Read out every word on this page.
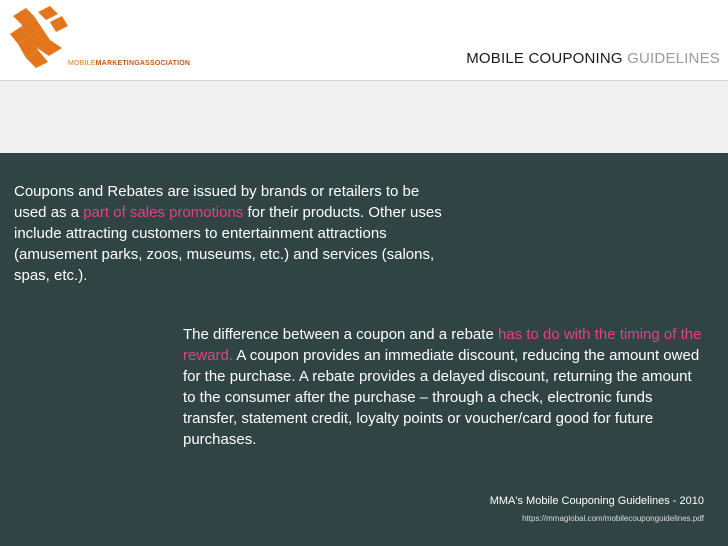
MOBILEMARKETINGASSOCIATION	MOBILE COUPONING GUIDELINES
Coupons and Rebates are issued by brands or retailers to be used as a part of sales promotions for their products. Other uses include attracting customers to entertainment attractions (amusement parks, zoos, museums, etc.) and services (salons, spas, etc.).
The difference between a coupon and a rebate has to do with the timing of the reward. A coupon provides an immediate discount, reducing the amount owed for the purchase. A rebate provides a delayed discount, returning the amount to the consumer after the purchase – through a check, electronic funds transfer, statement credit, loyalty points or voucher/card good for future purchases.
MMA's Mobile Couponing Guidelines - 2010
https://mmaglobal.com/mobilecouponguidelines.pdf
